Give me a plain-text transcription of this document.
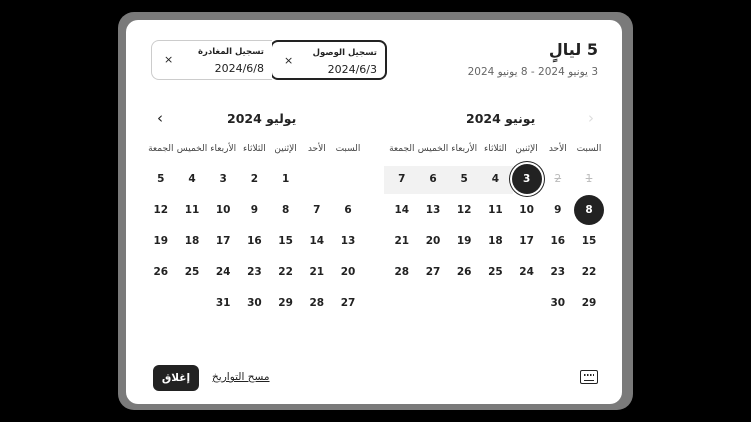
5 ليالٍ
3 يونيو 2024 - 8 يونيو 2024
تسجيل الوصول
2024/6/3
×
تسجيل المغادرة
2024/6/8
×
يونيو 2024
يوليو 2024	›
‹
السبت
الأحد
الإثنين
الثلاثاء
الأربعاء
الخميس
الجمعة
السبت
الأحد
الإثنين
الثلاثاء
الأربعاء
الخميس
الجمعة
1
2
3
4
5
6
7
8
9
10
11
12
13
14
15
16
17
18
19
20
21
22
23
24
25
26
27
28
29
30
1
2
3
4
5
6
7
8
9
10
11
12
13
14
15
16
17
18
19
20
21
22
23
24
25
26
27
28
29
30
31
إغلاق	مسح التواريخ
